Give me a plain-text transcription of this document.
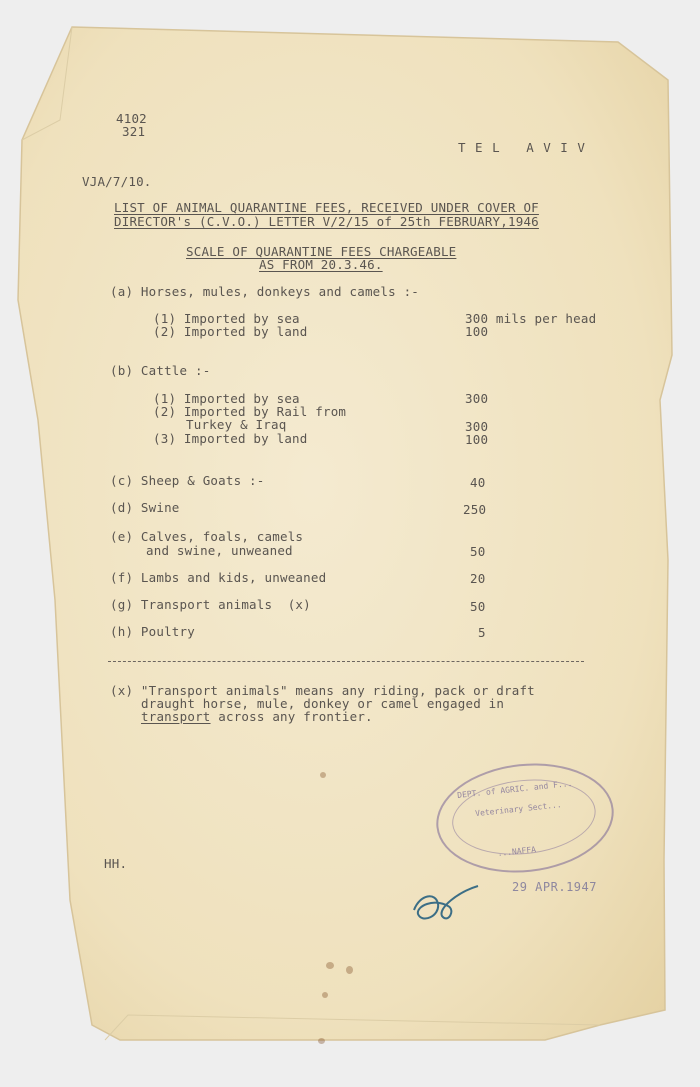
4102
321
T E L   A V I V
VJA/7/10.
LIST OF ANIMAL QUARANTINE FEES, RECEIVED UNDER COVER OF
DIRECTOR's (C.V.O.) LETTER V/2/15 of 25th FEBRUARY,1946
SCALE OF QUARANTINE FEES CHARGEABLE
AS FROM 20.3.46.
(a) Horses, mules, donkeys and camels :-
(1) Imported by sea	300 mils per head
(2) Imported by land	100
(b) Cattle :-
(1) Imported by sea	300
(2) Imported by Rail from
Turkey & Iraq	300
(3) Imported by land	100
(c) Sheep & Goats :-	40
(d) Swine	250
(e) Calves, foals, camels
and swine, unweaned	50
(f) Lambs and kids, unweaned	20
(g) Transport animals  (x)	50
(h) Poultry	5
(x) "Transport animals" means any riding, pack or draft
draught horse, mule, donkey or camel engaged in
transport across any frontier.
HH.
DEPT. of AGRIC. and F...
Veterinary Sect...
...NAFFA
29 APR.1947
